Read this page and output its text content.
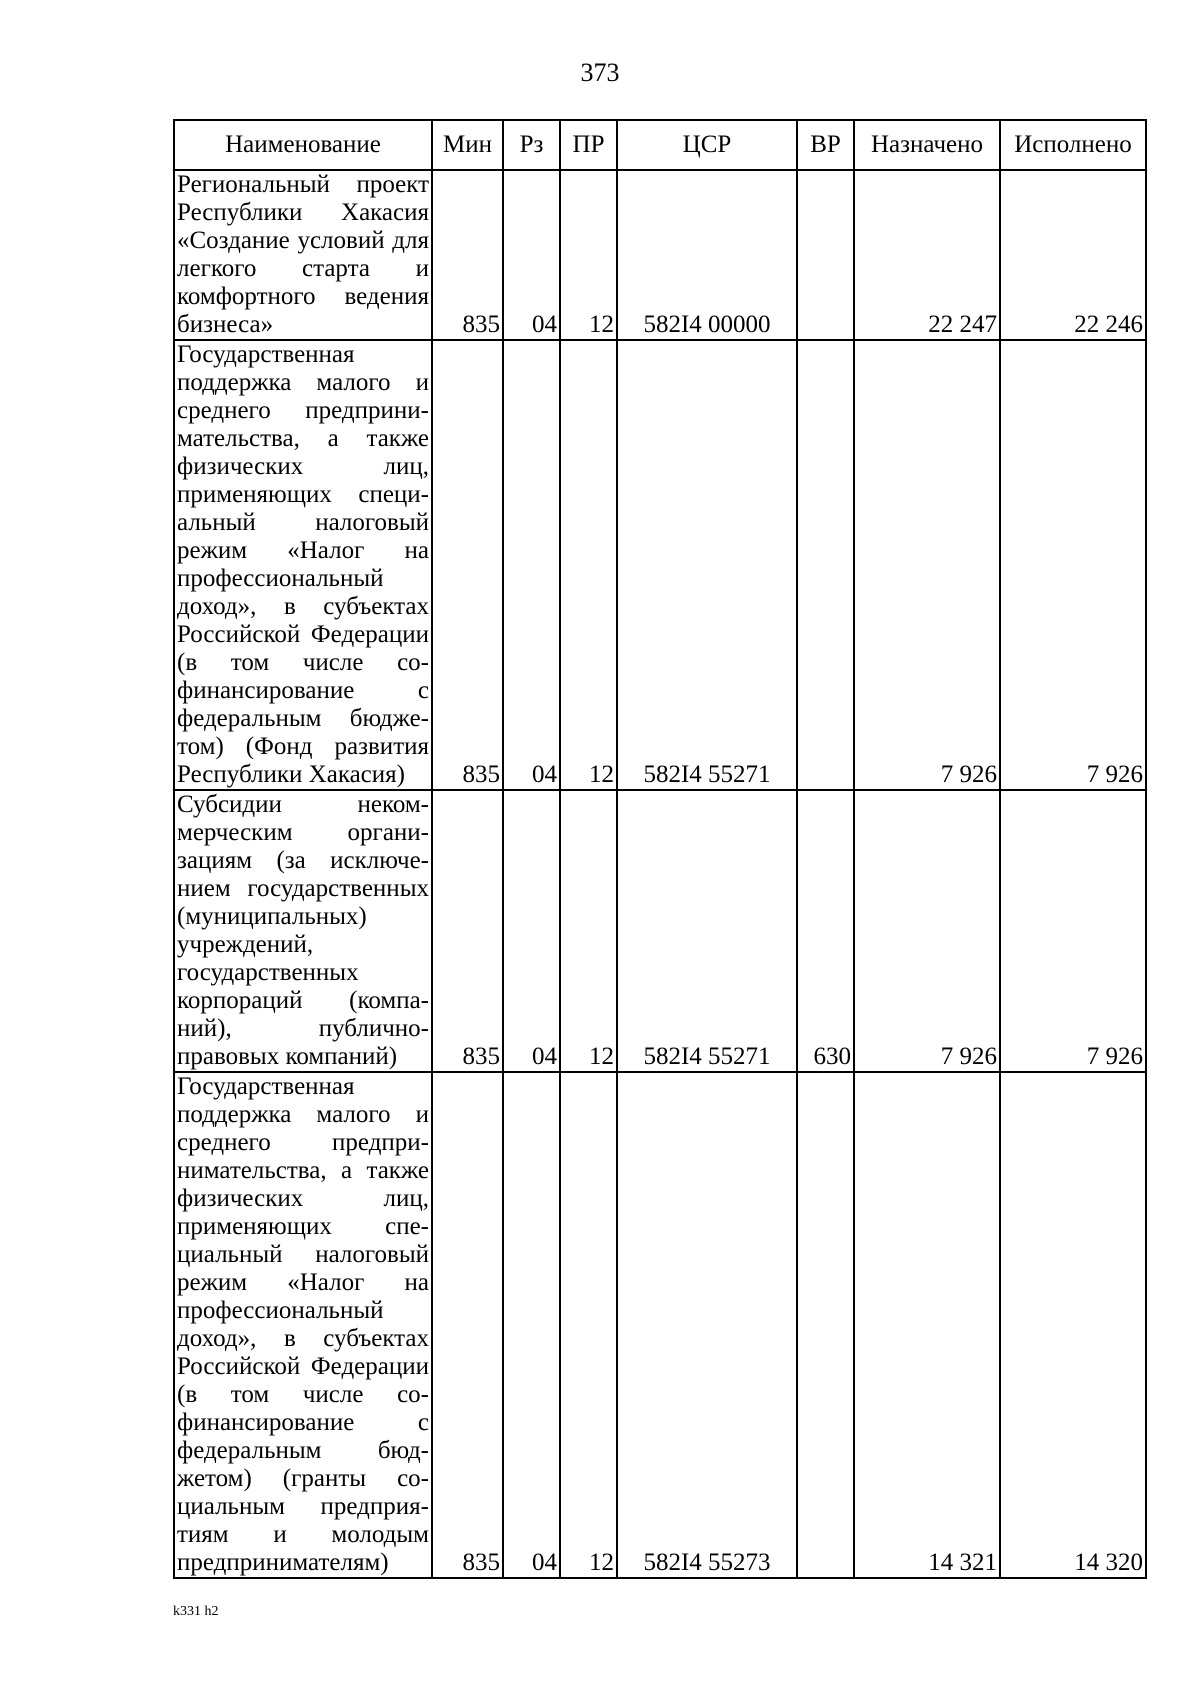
373
Наименование	Мин	Рз	ПР	ЦСР	ВР	Назначено	Исполнено
Региональный проект Республики Хакасия «Создание условий для легкого старта и комфортного ведения бизнеса»	835	04	12	582I4 00000		22 247	22 246
Государственная поддержка малого и среднего предпринимательства, а также физических лиц, применяющих специальный налоговый режим «Налог на профессиональный доход», в субъектах Российской Федерации (в том числе софинансирование с федеральным бюджетом) (Фонд развития Республики Хакасия)	835	04	12	582I4 55271		7 926	7 926
Субсидии некоммерческим организациям (за исключением государственных (муниципальных) учреждений, государственных корпораций (компаний), публично-правовых компаний)	835	04	12	582I4 55271	630	7 926	7 926
Государственная поддержка малого и среднего предпринимательства, а также физических лиц, применяющих специальный налоговый режим «Налог на профессиональный доход», в субъектах Российской Федерации (в том числе софинансирование с федеральным бюджетом) (гранты социальным предприятиям и молодым предпринимателям)	835	04	12	582I4 55273		14 321	14 320
k331 h2
